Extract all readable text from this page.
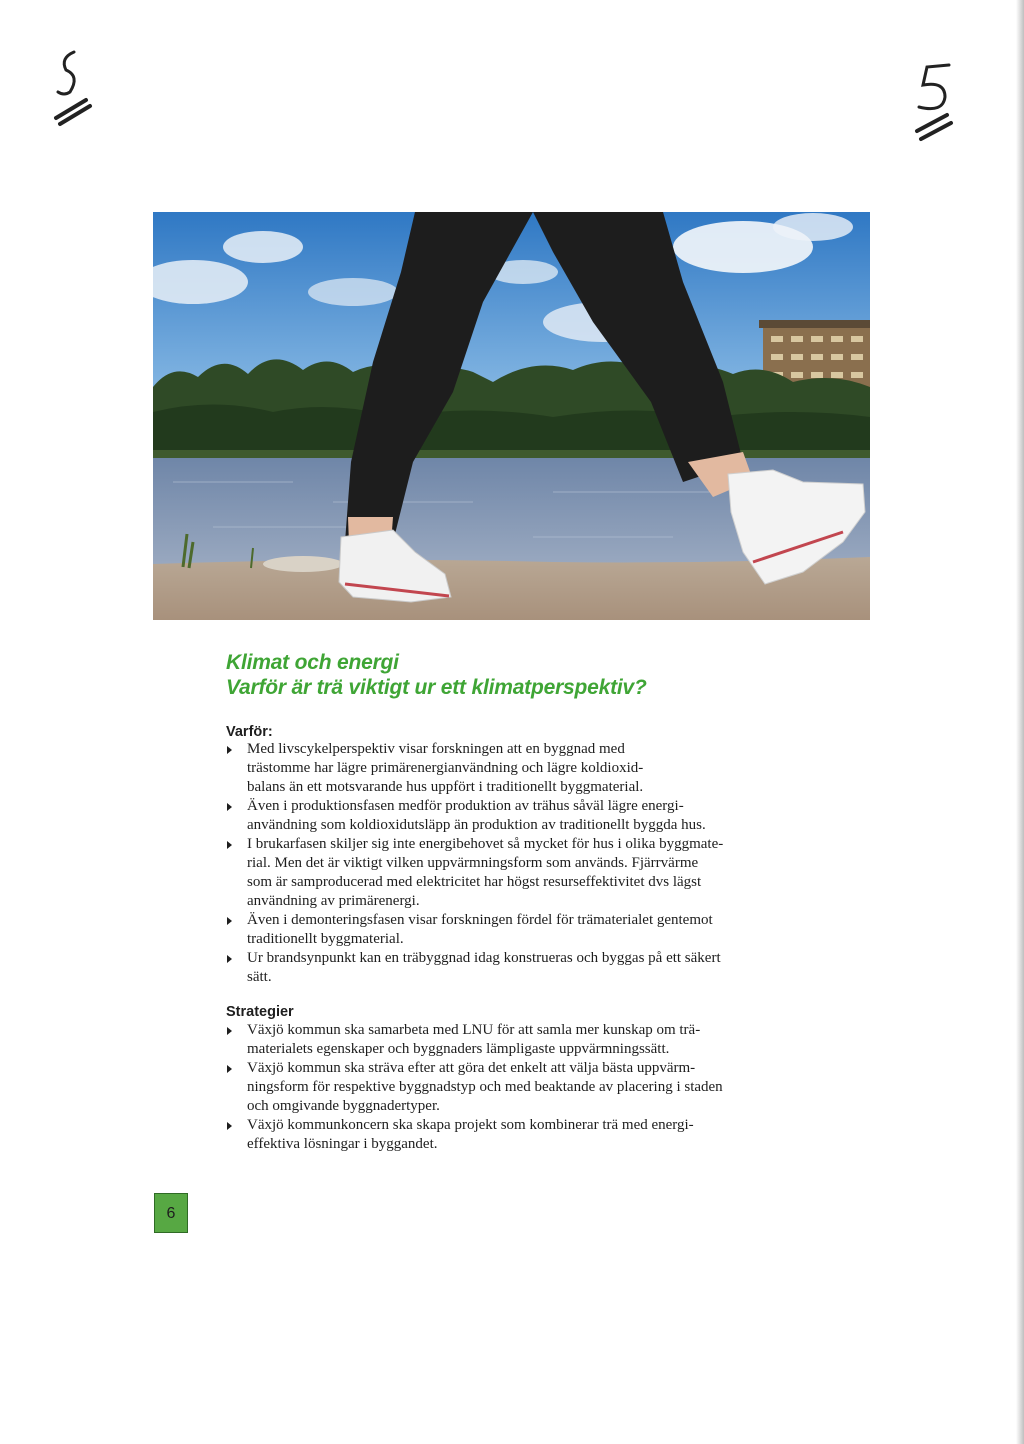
Klimat och energi
Varför är trä viktigt ur ett klimatperspektiv?
Varför:
Med livscykelperspektiv visar forskningen att en byggnad med
trästomme har lägre primärenergianvändning och lägre koldioxid-
balans än ett motsvarande hus uppfört i traditionellt byggmaterial.
Även i produktionsfasen medför produktion av trähus såväl lägre energi-
användning som koldioxidutsläpp än produktion av traditionellt byggda hus.
I brukarfasen skiljer sig inte energibehovet så mycket för hus i olika byggmate-
rial. Men det är viktigt vilken uppvärmningsform som används. Fjärrvärme
som är samproducerad med elektricitet har högst resurseffektivitet dvs lägst
användning av primärenergi.
Även i demonteringsfasen visar forskningen fördel för trämaterialet gentemot
traditionellt byggmaterial.
Ur brandsynpunkt kan en träbyggnad idag konstrueras och byggas på ett säkert
sätt.
Strategier
Växjö kommun ska samarbeta med LNU för att samla mer kunskap om trä-
materialets egenskaper och byggnaders lämpligaste uppvärmningssätt.
Växjö kommun ska sträva efter att göra det enkelt att välja bästa uppvärm-
ningsform för respektive byggnadstyp och med beaktande av placering i staden
och omgivande byggnadertyper.
Växjö kommunkoncern ska skapa projekt som kombinerar trä med energi-
effektiva lösningar i byggandet.
6
